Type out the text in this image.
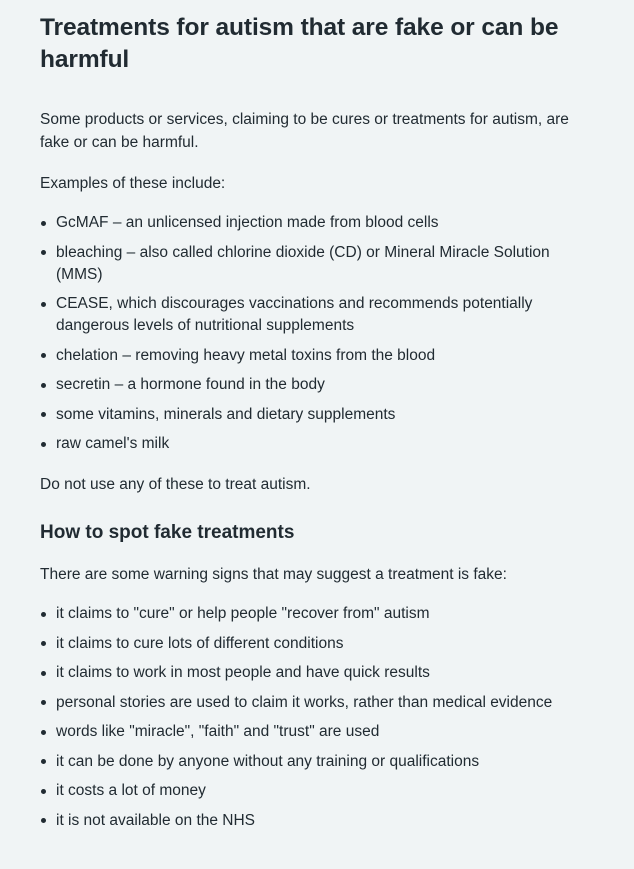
Treatments for autism that are fake or can be harmful

Some products or services, claiming to be cures or treatments for autism, are fake or can be harmful.

Examples of these include:

GcMAF – an unlicensed injection made from blood cells
bleaching – also called chlorine dioxide (CD) or Mineral Miracle Solution (MMS)
CEASE, which discourages vaccinations and recommends potentially dangerous levels of nutritional supplements
chelation – removing heavy metal toxins from the blood
secretin – a hormone found in the body
some vitamins, minerals and dietary supplements
raw camel's milk

Do not use any of these to treat autism.

How to spot fake treatments

There are some warning signs that may suggest a treatment is fake:

it claims to "cure" or help people "recover from" autism
it claims to cure lots of different conditions
it claims to work in most people and have quick results
personal stories are used to claim it works, rather than medical evidence
words like "miracle", "faith" and "trust" are used
it can be done by anyone without any training or qualifications
it costs a lot of money
it is not available on the NHS
